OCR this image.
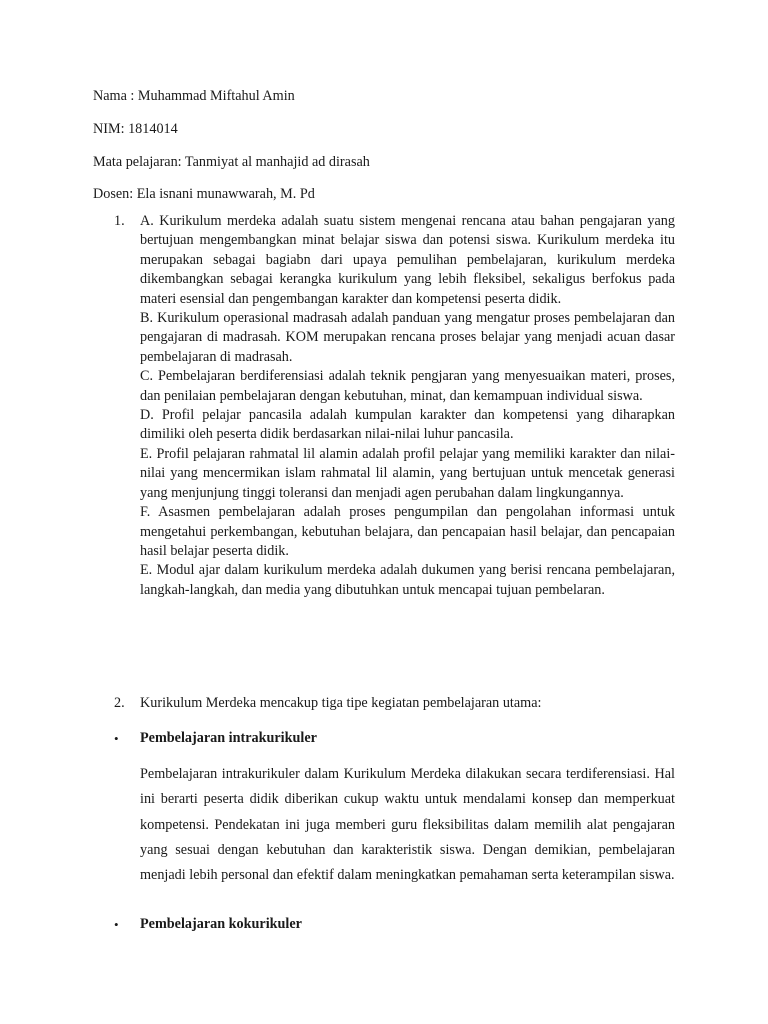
Nama : Muhammad Miftahul Amin
NIM: 1814014
Mata pelajaran: Tanmiyat al manhajid ad dirasah
Dosen: Ela isnani munawwarah, M. Pd
1. A. Kurikulum merdeka adalah suatu sistem mengenai rencana atau bahan pengajaran yang bertujuan mengembangkan minat belajar siswa dan potensi siswa. Kurikulum merdeka itu merupakan sebagai bagiabn dari upaya pemulihan pembelajaran, kurikulum merdeka dikembangkan sebagai kerangka kurikulum yang lebih fleksibel, sekaligus berfokus pada materi esensial dan pengembangan karakter dan kompetensi peserta didik.

B. Kurikulum operasional madrasah adalah panduan yang mengatur proses pembelajaran dan pengajaran di madrasah. KOM merupakan rencana proses belajar yang menjadi acuan dasar pembelajaran di madrasah.

C. Pembelajaran berdiferensiasi adalah teknik pengjaran yang menyesuaikan materi, proses, dan penilaian pembelajaran dengan kebutuhan, minat, dan kemampuan individual siswa.

D. Profil pelajar pancasila adalah kumpulan karakter dan kompetensi yang diharapkan dimiliki oleh peserta didik berdasarkan nilai-nilai luhur pancasila.

E. Profil pelajaran rahmatal lil alamin adalah profil pelajar yang memiliki karakter dan nilai-nilai yang mencermikan islam rahmatal lil alamin, yang bertujuan untuk mencetak generasi yang menjunjung tinggi toleransi dan menjadi agen perubahan dalam lingkungannya.

F. Asasmen pembelajaran adalah proses pengumpilan dan pengolahan informasi untuk mengetahui perkembangan, kebutuhan belajara, dan pencapaian hasil belajar, dan pencapaian hasil belajar peserta didik.

E. Modul ajar dalam kurikulum merdeka adalah dukumen yang berisi rencana pembelajaran, langkah-langkah, dan media yang dibutuhkan untuk mencapai tujuan pembelaran.

2. Kurikulum Merdeka mencakup tiga tipe kegiatan pembelajaran utama:
• Pembelajaran intrakurikuler

Pembelajaran intrakurikuler dalam Kurikulum Merdeka dilakukan secara terdiferensiasi. Hal ini berarti peserta didik diberikan cukup waktu untuk mendalami konsep dan memperkuat kompetensi. Pendekatan ini juga memberi guru fleksibilitas dalam memilih alat pengajaran yang sesuai dengan kebutuhan dan karakteristik siswa. Dengan demikian, pembelajaran menjadi lebih personal dan efektif dalam meningkatkan pemahaman serta keterampilan siswa.

• Pembelajaran kokurikuler
